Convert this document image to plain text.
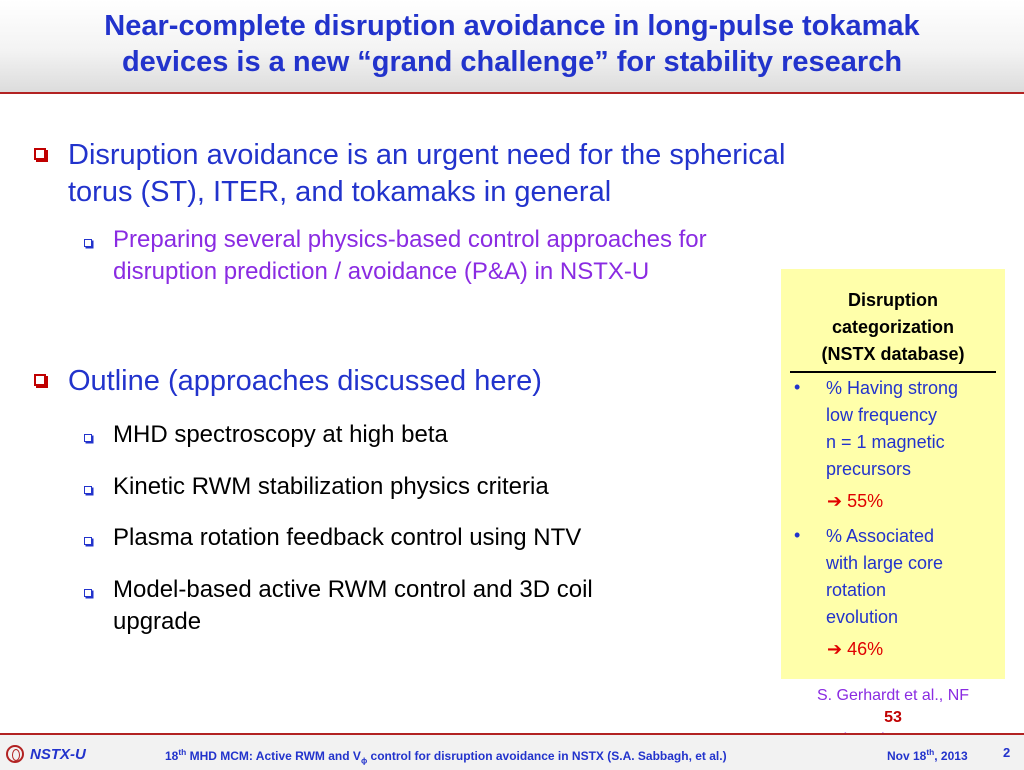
Near-complete disruption avoidance in long-pulse tokamak
devices is a new “grand challenge” for stability research
Disruption avoidance is an urgent need for the spherical
torus (ST), ITER, and tokamaks in general
Preparing several physics-based control approaches for
disruption prediction / avoidance (P&A) in NSTX-U
Outline (approaches discussed here)
MHD spectroscopy at high beta
Kinetic RWM stabilization physics criteria
Plasma rotation feedback control using NTV
Model-based active RWM control and 3D coil
upgrade
Disruption
categorization
(NSTX database)
• % Having strong
low frequency
n = 1 magnetic
precursors
➔ 55%
• % Associated
with large core
rotation
evolution
➔ 46%
S. Gerhardt et al., NF
53
NSTX-U	18th MHD MCM: Active RWM and $V_\phi$ control for disruption avoidance in NSTX (S.A. Sabbagh, et al.)	Nov 18th, 2013	2
